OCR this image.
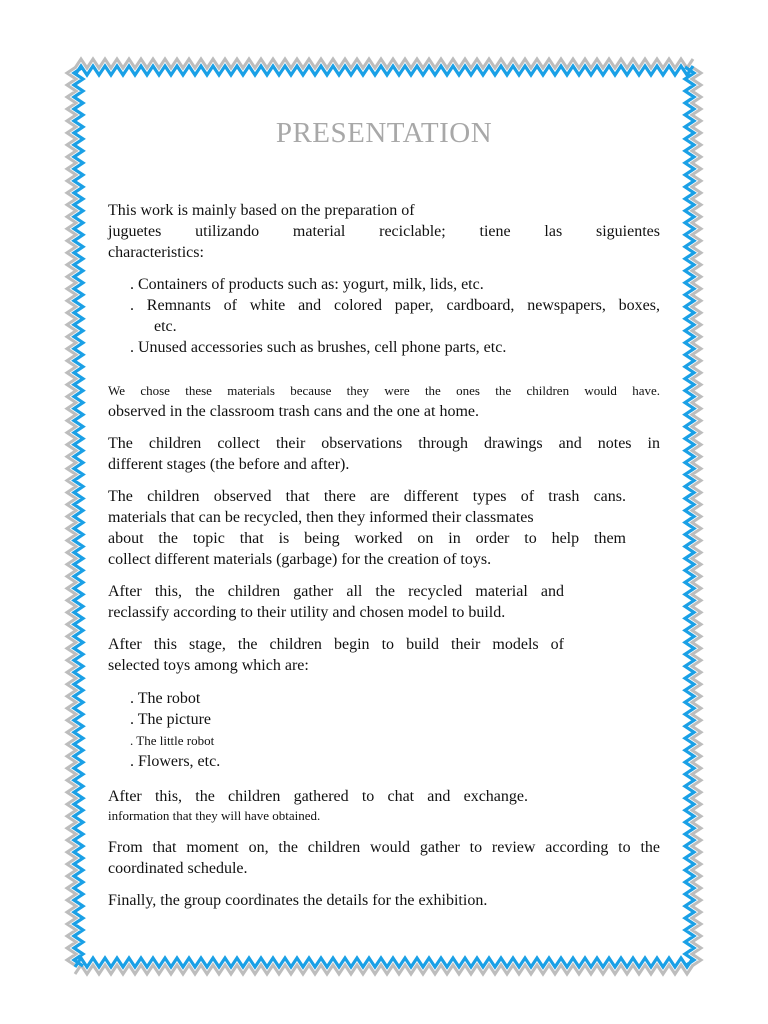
PRESENTATION
This work is mainly based on the preparation of
juguetes utilizando material reciclable; tiene las siguientes
characteristics:
. Containers of products such as: yogurt, milk, lids, etc.
. Remnants of white and colored paper, cardboard, newspapers, boxes,
etc.
. Unused accessories such as brushes, cell phone parts, etc.
We chose these materials because they were the ones the children would have.
observed in the classroom trash cans and the one at home.
The children collect their observations through drawings and notes in
different stages (the before and after).
The children observed that there are different types of trash cans.
materials that can be recycled, then they informed their classmates
about the topic that is being worked on in order to help them
collect different materials (garbage) for the creation of toys.
After this, the children gather all the recycled material and
reclassify according to their utility and chosen model to build.
After this stage, the children begin to build their models of
selected toys among which are:
. The robot
. The picture
. The little robot
. Flowers, etc.
After this, the children gathered to chat and exchange.
information that they will have obtained.
From that moment on, the children would gather to review according to the
coordinated schedule.
Finally, the group coordinates the details for the exhibition.
